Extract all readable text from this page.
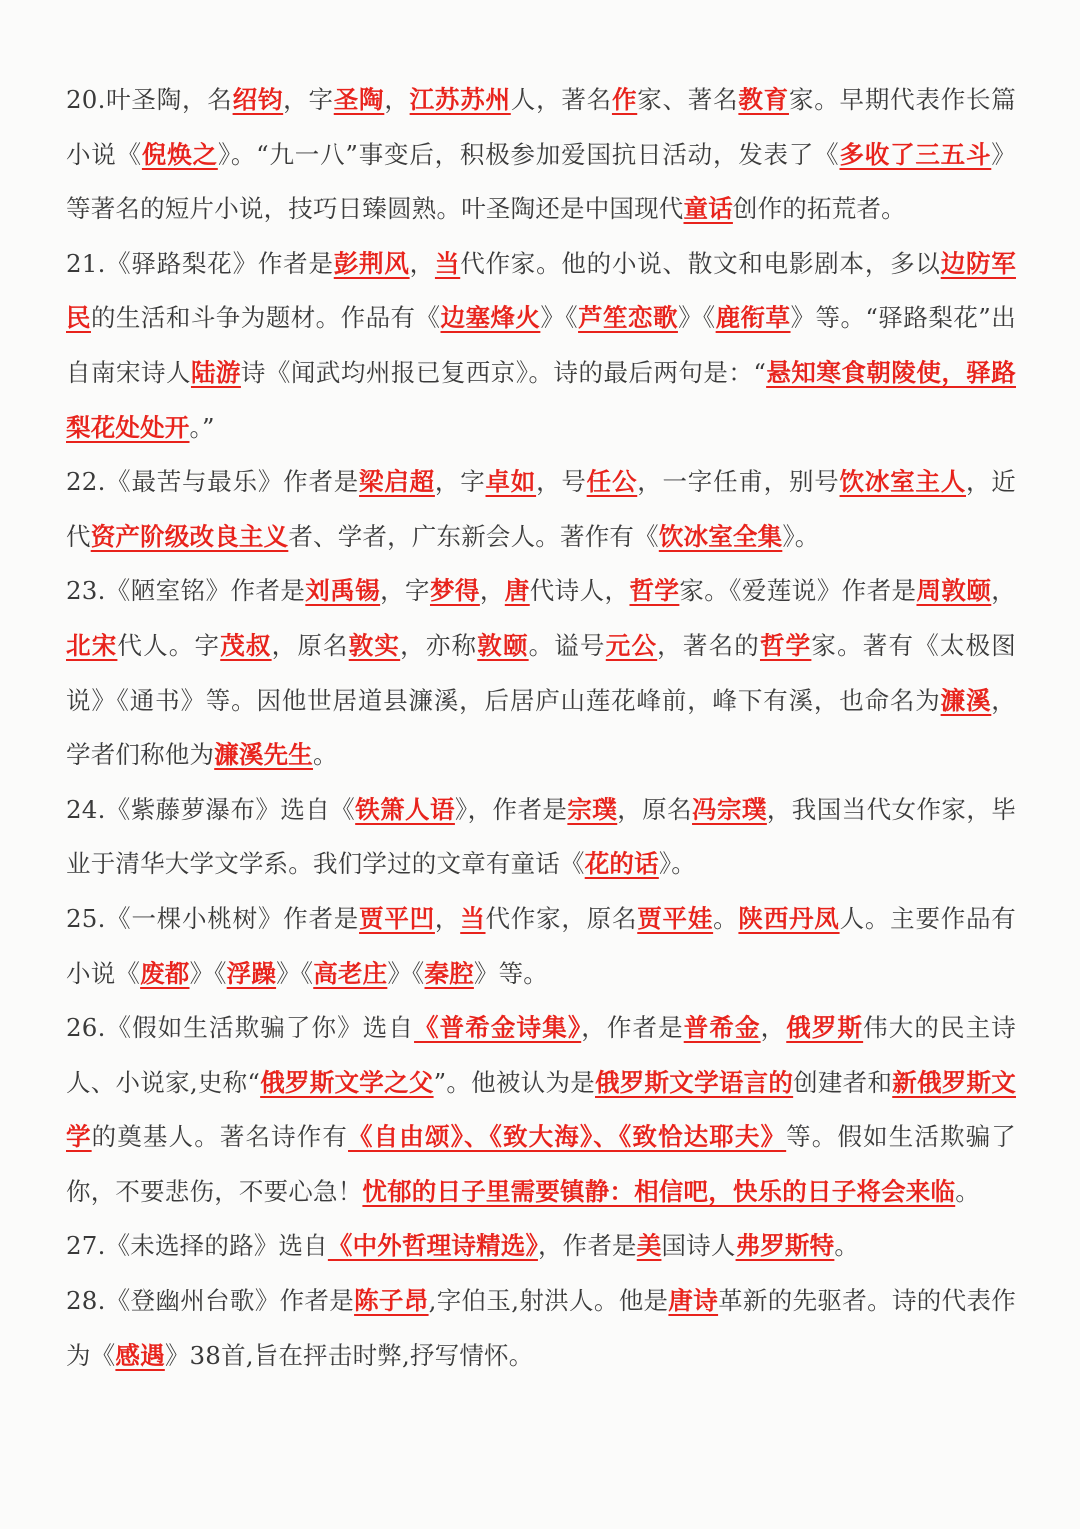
20.叶圣陶，名绍钧，字圣陶，江苏苏州人，著名作家、著名教育家。早期代表作长篇小说《倪焕之》。“九一八”事变后，积极参加爱国抗日活动，发表了《多收了三五斗》等著名的短片小说，技巧日臻圆熟。叶圣陶还是中国现代童话创作的拓荒者。

21.《驿路梨花》作者是彭荆风，当代作家。他的小说、散文和电影剧本，多以边防军民的生活和斗争为题材。作品有《边塞烽火》《芦笙恋歌》《鹿衔草》等。“驿路梨花”出自南宋诗人陆游诗《闻武均州报已复西京》。诗的最后两句是：“悬知寒食朝陵使，驿路梨花处处开。”

22.《最苦与最乐》作者是梁启超，字卓如，号任公，一字任甫，别号饮冰室主人，近代资产阶级改良主义者、学者，广东新会人。著作有《饮冰室全集》。

23.《陋室铭》作者是刘禹锡，字梦得，唐代诗人，哲学家。《爱莲说》作者是周敦颐，北宋代人。字茂叔，原名敦实，亦称敦颐。谥号元公，著名的哲学家。著有《太极图说》《通书》等。因他世居道县濂溪，后居庐山莲花峰前，峰下有溪，也命名为濂溪，学者们称他为濂溪先生。

24.《紫藤萝瀑布》选自《铁箫人语》，作者是宗璞，原名冯宗璞，我国当代女作家，毕业于清华大学文学系。我们学过的文章有童话《花的话》。

25.《一棵小桃树》作者是贾平凹，当代作家，原名贾平娃。陕西丹凤人。主要作品有小说《废都》《浮躁》《高老庄》《秦腔》等。

26.《假如生活欺骗了你》选自《普希金诗集》，作者是普希金，俄罗斯伟大的民主诗人、小说家,史称“俄罗斯文学之父”。他被认为是俄罗斯文学语言的创建者和新俄罗斯文学的奠基人。著名诗作有《自由颂》、《致大海》、《致恰达耶夫》等。假如生活欺骗了你，不要悲伤，不要心急！忧郁的日子里需要镇静：相信吧，快乐的日子将会来临。

27.《未选择的路》选自《中外哲理诗精选》，作者是美国诗人弗罗斯特。

28.《登幽州台歌》作者是陈子昂,字伯玉,射洪人。他是唐诗革新的先驱者。诗的代表作为《感遇》38首,旨在抨击时弊,抒写情怀。
